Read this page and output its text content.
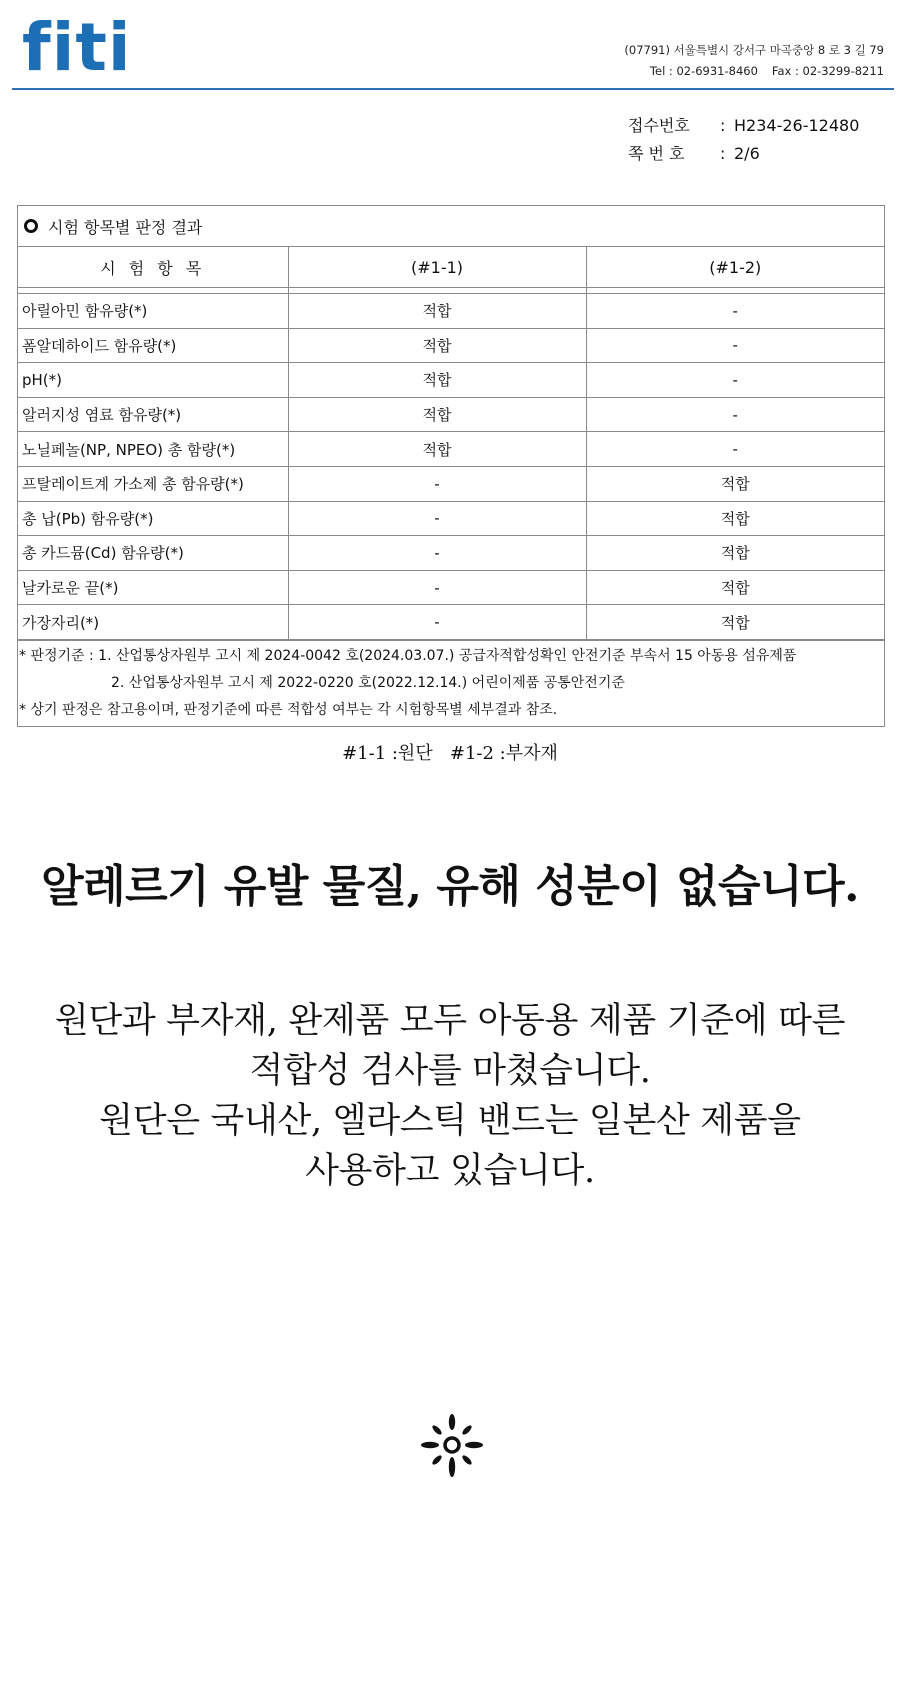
fiti	(07791) 서울특별시 강서구 마곡중앙 8 로 3 길 79
Tel : 02-6931-8460 Fax : 02-3299-8211
접수번호	: H234-26-12480
쪽 번 호	: 2/6
시험 항목별 판정 결과
시 험 항 목	(#1-1)	(#1-2)

아릴아민 함유량(*)	적합	-
폼알데하이드 함유량(*)	적합	-
pH(*)	적합	-
알러지성 염료 함유량(*)	적합	-
노닐페놀(NP, NPEO) 총 함량(*)	적합	-
프탈레이트계 가소제 총 함유량(*)	-	적합
총 납(Pb) 함유량(*)	-	적합
총 카드뮴(Cd) 함유량(*)	-	적합
날카로운 끝(*)	-	적합
가장자리(*)	-	적합
* 판정기준 : 1. 산업통상자원부 고시 제 2024-0042 호(2024.03.07.) 공급자적합성확인 안전기준 부속서 15 아동용 섬유제품
2. 산업통상자원부 고시 제 2022-0220 호(2022.12.14.) 어린이제품 공통안전기준
* 상기 판정은 참고용이며, 판정기준에 따른 적합성 여부는 각 시험항목별 세부결과 참조.
#1-1 :원단   #1-2 :부자재
알레르기 유발 물질, 유해 성분이 없습니다.
원단과 부자재, 완제품 모두 아동용 제품 기준에 따른
적합성 검사를 마쳤습니다.
원단은 국내산, 엘라스틱 밴드는 일본산 제품을
사용하고 있습니다.
